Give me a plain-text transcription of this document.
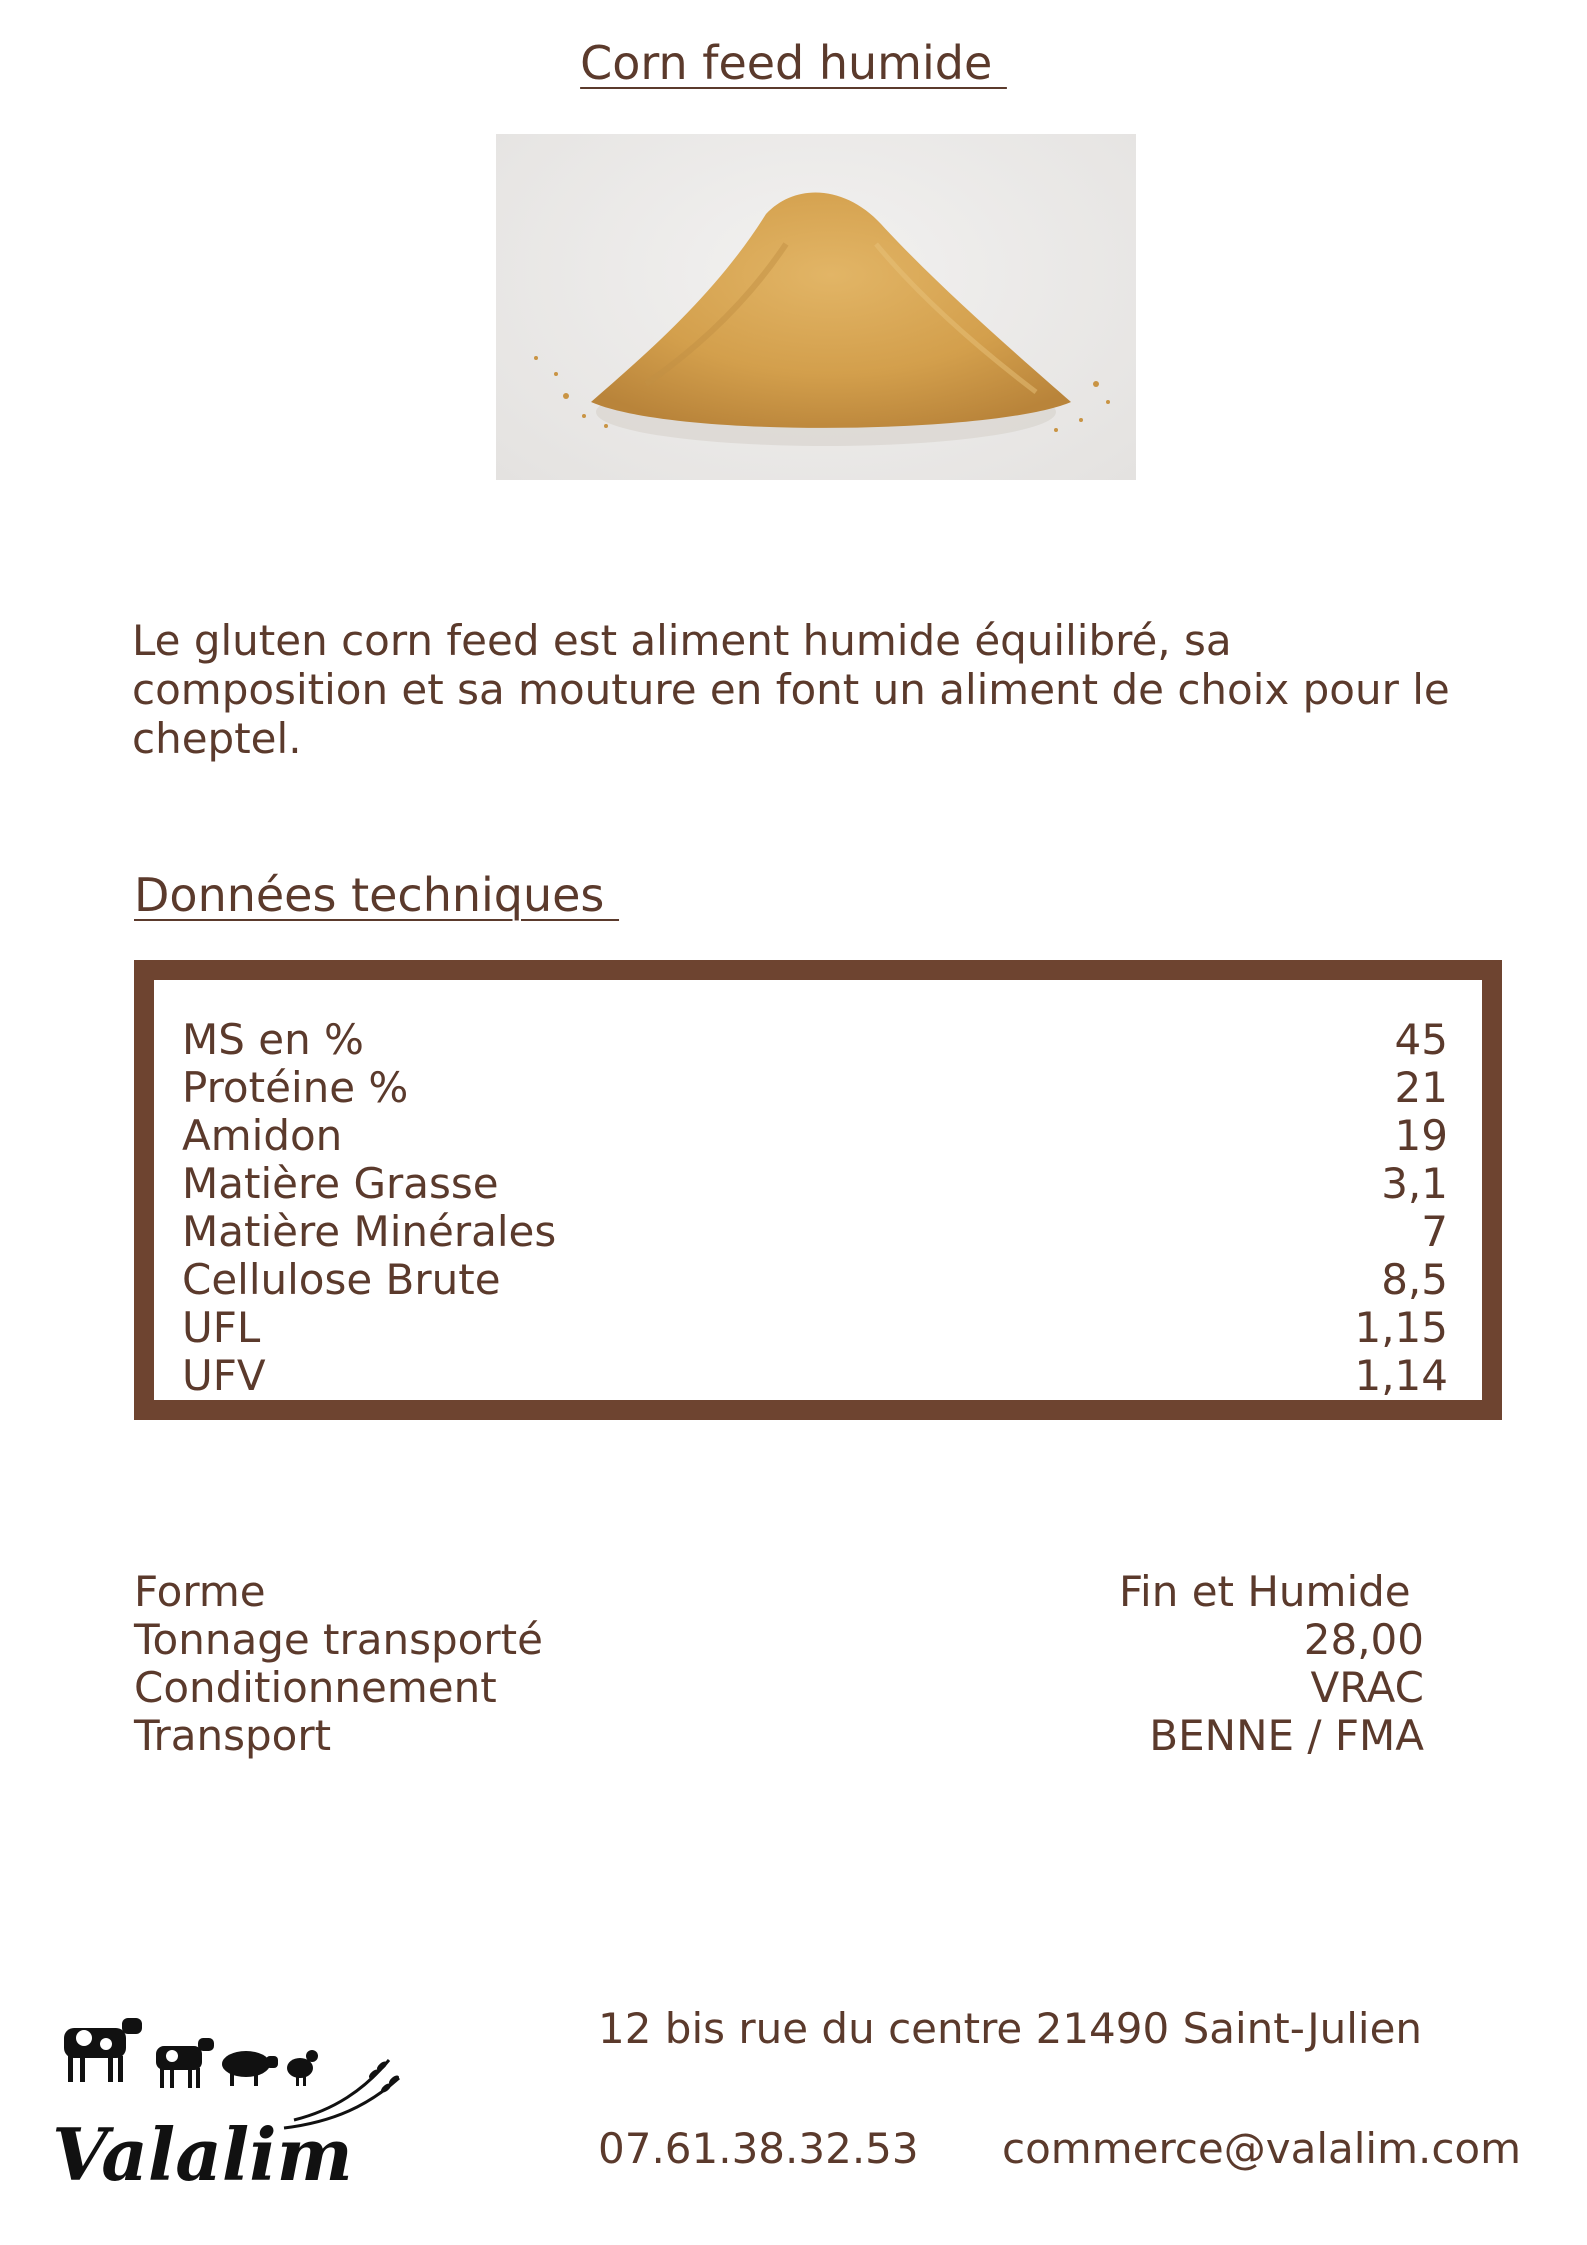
Corn feed humide
Le gluten corn feed est aliment humide équilibré, sa composition et sa mouture en font un aliment de choix pour le cheptel.
Données techniques
MS en %	45
Protéine %	21
Amidon	19
Matière Grasse	3,1
Matière Minérales	7
Cellulose Brute	8,5
UFL	1,15
UFV	1,14
Forme	Fin et Humide
Tonnage transporté	28,00
Conditionnement	VRAC
Transport	BENNE / FMA
Valalim
12 bis rue du centre 21490 Saint-Julien
07.61.38.32.53 commerce@valalim.com
